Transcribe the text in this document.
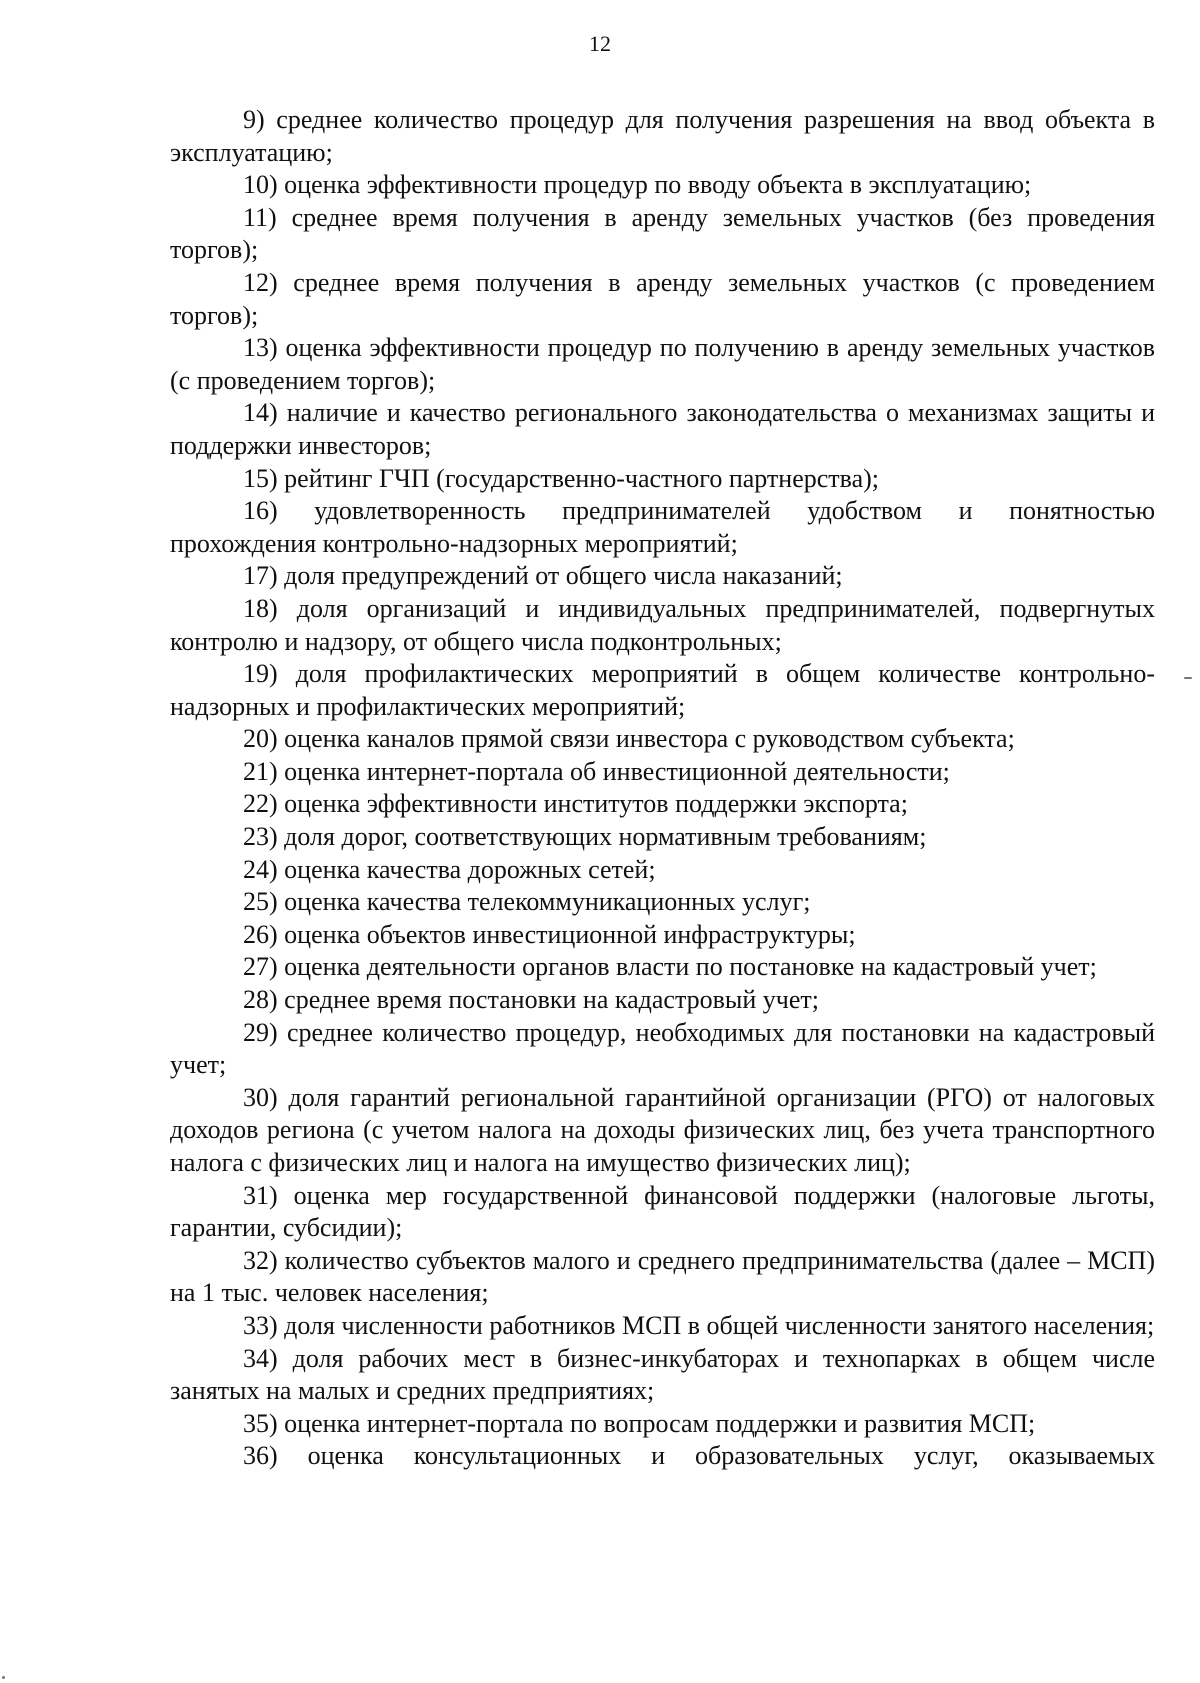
12

9) среднее количество процедур для получения разрешения на ввод объекта в эксплуатацию;

10) оценка эффективности процедур по вводу объекта в эксплуатацию;

11) среднее время получения в аренду земельных участков (без проведения торгов);

12) среднее время получения в аренду земельных участков (с проведением торгов);

13) оценка эффективности процедур по получению в аренду земельных участков (с проведением торгов);

14) наличие и качество регионального законодательства о механизмах защиты и поддержки инвесторов;

15) рейтинг ГЧП (государственно-частного партнерства);

16) удовлетворенность предпринимателей удобством и понятностью прохождения контрольно-надзорных мероприятий;

17) доля предупреждений от общего числа наказаний;

18) доля организаций и индивидуальных предпринимателей, подвергнутых контролю и надзору, от общего числа подконтрольных;

19) доля профилактических мероприятий в общем количестве контрольно-надзорных и профилактических мероприятий;

20) оценка каналов прямой связи инвестора с руководством субъекта;

21) оценка интернет-портала об инвестиционной деятельности;

22) оценка эффективности институтов поддержки экспорта;

23) доля дорог, соответствующих нормативным требованиям;

24) оценка качества дорожных сетей;

25) оценка качества телекоммуникационных услуг;

26) оценка объектов инвестиционной инфраструктуры;

27) оценка деятельности органов власти по постановке на кадастровый учет;

28) среднее время постановки на кадастровый учет;

29) среднее количество процедур, необходимых для постановки на кадастровый учет;

30) доля гарантий региональной гарантийной организации (РГО) от налоговых доходов региона (с учетом налога на доходы физических лиц, без учета транспортного налога с физических лиц и налога на имущество физических лиц);

31) оценка мер государственной финансовой поддержки (налоговые льготы, гарантии, субсидии);

32) количество субъектов малого и среднего предпринимательства (далее – МСП) на 1 тыс. человек населения;

33) доля численности работников МСП в общей численности занятого населения;

34) доля рабочих мест в бизнес-инкубаторах и технопарках в общем числе занятых на малых и средних предприятиях;

35) оценка интернет-портала по вопросам поддержки и развития МСП;

36) оценка консультационных и образовательных услуг, оказываемых
